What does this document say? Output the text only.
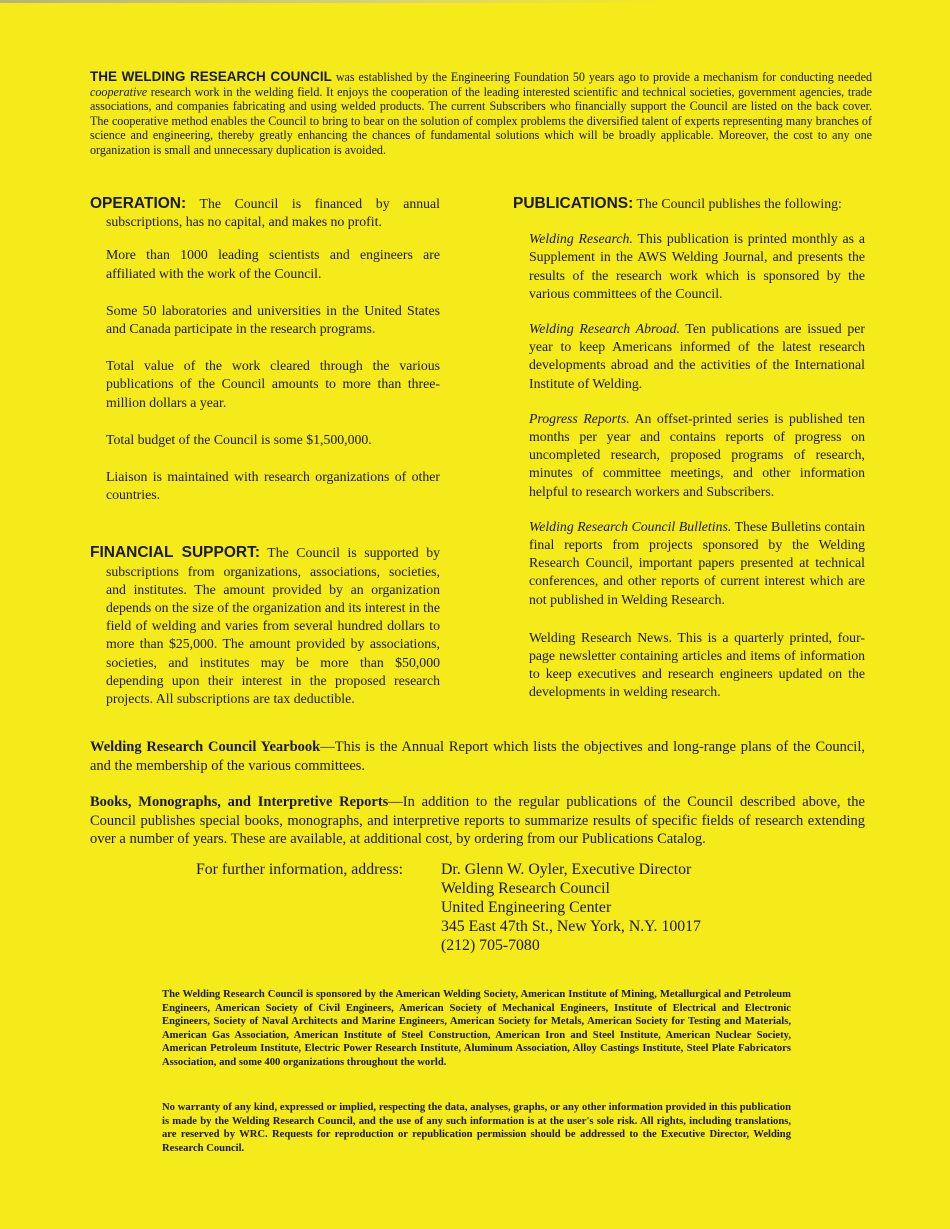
THE WELDING RESEARCH COUNCIL was established by the Engineering Foundation 50 years ago to provide a mechanism for conducting needed cooperative research work in the welding field. It enjoys the cooperation of the leading interested scientific and technical societies, government agencies, trade associations, and companies fabricating and using welded products. The current Subscribers who financially support the Council are listed on the back cover. The cooperative method enables the Council to bring to bear on the solution of complex problems the diversified talent of experts representing many branches of science and engineering, thereby greatly enhancing the chances of fundamental solutions which will be broadly applicable. Moreover, the cost to any one organization is small and unnecessary duplication is avoided.

OPERATION: The Council is financed by annual subscriptions, has no capital, and makes no profit.

More than 1000 leading scientists and engineers are affiliated with the work of the Council.

Some 50 laboratories and universities in the United States and Canada participate in the research programs.

Total value of the work cleared through the various publications of the Council amounts to more than three-million dollars a year.

Total budget of the Council is some $1,500,000.

Liaison is maintained with research organizations of other countries.

FINANCIAL SUPPORT: The Council is supported by subscriptions from organizations, associations, societies, and institutes. The amount provided by an organization depends on the size of the organization and its interest in the field of welding and varies from several hundred dollars to more than $25,000. The amount provided by associations, societies, and institutes may be more than $50,000 depending upon their interest in the proposed research projects. All subscriptions are tax deductible.

PUBLICATIONS: The Council publishes the following:

Welding Research. This publication is printed monthly as a Supplement in the AWS Welding Journal, and presents the results of the research work which is sponsored by the various committees of the Council.

Welding Research Abroad. Ten publications are issued per year to keep Americans informed of the latest research developments abroad and the activities of the International Institute of Welding.

Progress Reports. An offset-printed series is published ten months per year and contains reports of progress on uncompleted research, proposed programs of research, minutes of committee meetings, and other information helpful to research workers and Subscribers.

Welding Research Council Bulletins. These Bulletins contain final reports from projects sponsored by the Welding Research Council, important papers presented at technical conferences, and other reports of current interest which are not published in Welding Research.

Welding Research News. This is a quarterly printed, four-page newsletter containing articles and items of information to keep executives and research engineers updated on the developments in welding research.

Welding Research Council Yearbook—This is the Annual Report which lists the objectives and long-range plans of the Council, and the membership of the various committees.

Books, Monographs, and Interpretive Reports—In addition to the regular publications of the Council described above, the Council publishes special books, monographs, and interpretive reports to summarize results of specific fields of research extending over a number of years. These are available, at additional cost, by ordering from our Publications Catalog.

For further information, address: Dr. Glenn W. Oyler, Executive Director
Welding Research Council
United Engineering Center
345 East 47th St., New York, N.Y. 10017
(212) 705-7080

The Welding Research Council is sponsored by the American Welding Society, American Institute of Mining, Metallurgical and Petroleum Engineers, American Society of Civil Engineers, American Society of Mechanical Engineers, Institute of Electrical and Electronic Engineers, Society of Naval Architects and Marine Engineers, American Society for Metals, American Society for Testing and Materials, American Gas Association, American Institute of Steel Construction, American Iron and Steel Institute, American Nuclear Society, American Petroleum Institute, Electric Power Research Institute, Aluminum Association, Alloy Castings Institute, Steel Plate Fabricators Association, and some 400 organizations throughout the world.

No warranty of any kind, expressed or implied, respecting the data, analyses, graphs, or any other information provided in this publication is made by the Welding Research Council, and the use of any such information is at the user's sole risk. All rights, including translations, are reserved by WRC. Requests for reproduction or republication permission should be addressed to the Executive Director, Welding Research Council.
